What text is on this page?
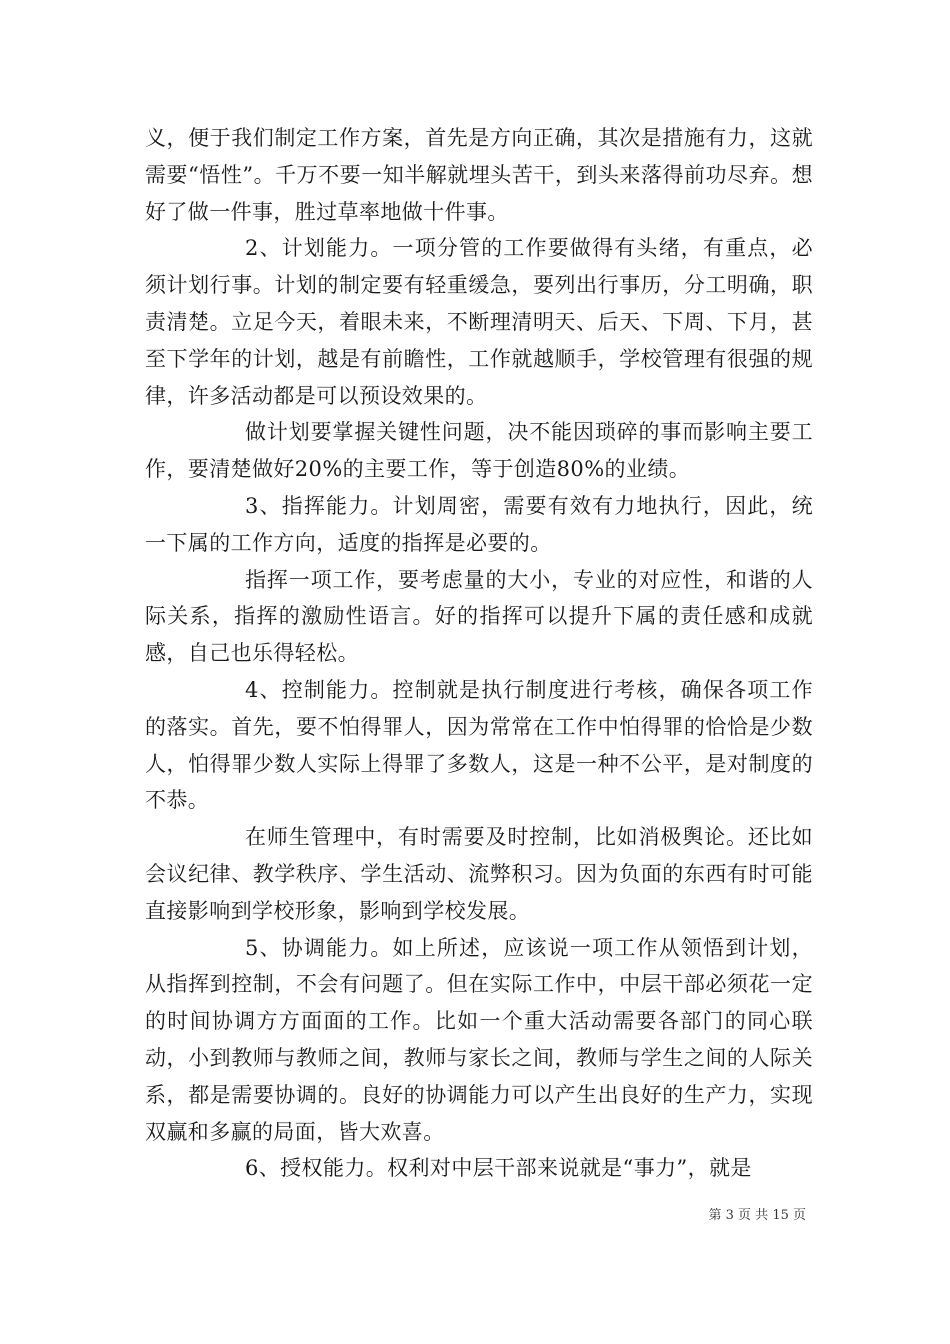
义，便于我们制定工作方案，首先是方向正确，其次是措施有力，这就需要“悟性”。千万不要一知半解就埋头苦干，到头来落得前功尽弃。想好了做一件事，胜过草率地做十件事。

2、计划能力。一项分管的工作要做得有头绪，有重点，必须计划行事。计划的制定要有轻重缓急，要列出行事历，分工明确，职责清楚。立足今天，着眼未来，不断理清明天、后天、下周、下月，甚至下学年的计划，越是有前瞻性，工作就越顺手，学校管理有很强的规律，许多活动都是可以预设效果的。

做计划要掌握关键性问题，决不能因琐碎的事而影响主要工作，要清楚做好20%的主要工作，等于创造80%的业绩。

3、指挥能力。计划周密，需要有效有力地执行，因此，统一下属的工作方向，适度的指挥是必要的。

指挥一项工作，要考虑量的大小，专业的对应性，和谐的人际关系，指挥的激励性语言。好的指挥可以提升下属的责任感和成就感，自己也乐得轻松。

4、控制能力。控制就是执行制度进行考核，确保各项工作的落实。首先，要不怕得罪人，因为常常在工作中怕得罪的恰恰是少数人，怕得罪少数人实际上得罪了多数人，这是一种不公平，是对制度的不恭。

在师生管理中，有时需要及时控制，比如消极舆论。还比如会议纪律、教学秩序、学生活动、流弊积习。因为负面的东西有时可能直接影响到学校形象，影响到学校发展。

5、协调能力。如上所述，应该说一项工作从领悟到计划，从指挥到控制，不会有问题了。但在实际工作中，中层干部必须花一定的时间协调方方面面的工作。比如一个重大活动需要各部门的同心联动，小到教师与教师之间，教师与家长之间，教师与学生之间的人际关系，都是需要协调的。良好的协调能力可以产生出良好的生产力，实现双赢和多赢的局面，皆大欢喜。

6、授权能力。权利对中层干部来说就是“事力”，就是

第 3 页 共 15 页
